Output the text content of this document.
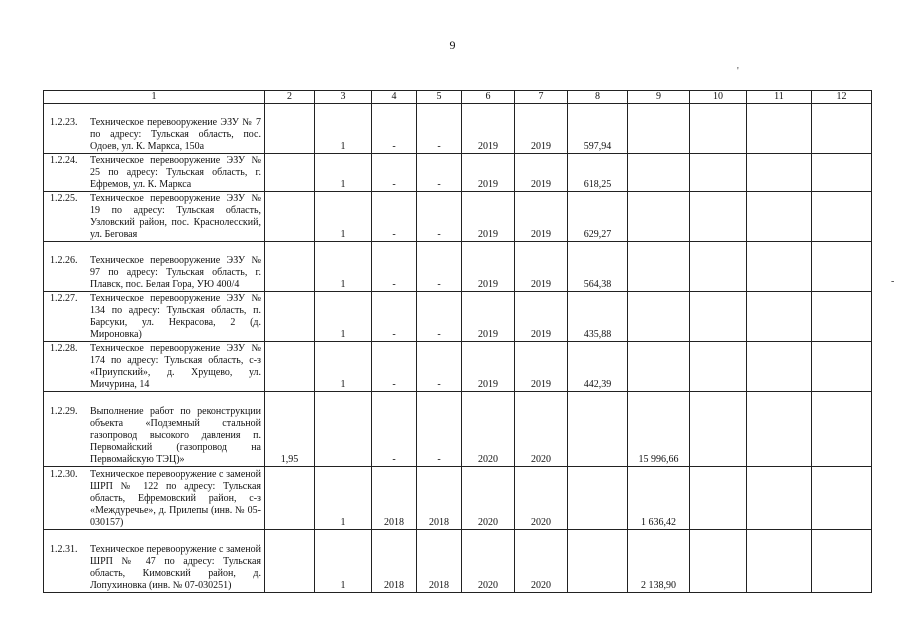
9
'
-
1	2	3	4	5	6	7	8	9	10	11	12

1.2.23. Техническое перевооружение ЭЗУ № 7 по адресу: Тульская область, пос. Одоев, ул. К. Маркса, 150а		1	-	-	2019	2019	597,94				

1.2.24. Техническое перевооружение ЭЗУ № 25 по адресу: Тульская область, г. Ефремов, ул. К. Маркса		1	-	-	2019	2019	618,25				

1.2.25. Техническое перевооружение ЭЗУ № 19 по адресу: Тульская область, Узловский район, пос. Краснолесский, ул. Беговая		1	-	-	2019	2019	629,27				

1.2.26. Техническое перевооружение ЭЗУ № 97 по адресу: Тульская область, г. Плавск, пос. Белая Гора, УЮ 400/4		1	-	-	2019	2019	564,38				

1.2.27. Техническое перевооружение ЭЗУ № 134 по адресу: Тульская область, п. Барсуки, ул. Некрасова, 2 (д. Мироновка)		1	-	-	2019	2019	435,88				

1.2.28. Техническое перевооружение ЭЗУ № 174 по адресу: Тульская область, с-з «Приупский», д. Хрущево, ул. Мичурина, 14		1	-	-	2019	2019	442,39				

1.2.29. Выполнение работ по реконструкции объекта «Подземный стальной газопровод высокого давления п. Первомайский (газопровод на Первомайскую ТЭЦ)»	1,95		-	-	2020	2020		15 996,66			

1.2.30. Техническое перевооружение с заменой ШРП № 122 по адресу: Тульская область, Ефремовский район, с-з «Междуречье», д. Прилепы (инв. № 05-030157)		1	2018	2018	2020	2020		1 636,42			

1.2.31. Техническое перевооружение с заменой ШРП № 47 по адресу: Тульская область, Кимовский район, д. Лопухиновка (инв. № 07-030251)		1	2018	2018	2020	2020		2 138,90			
